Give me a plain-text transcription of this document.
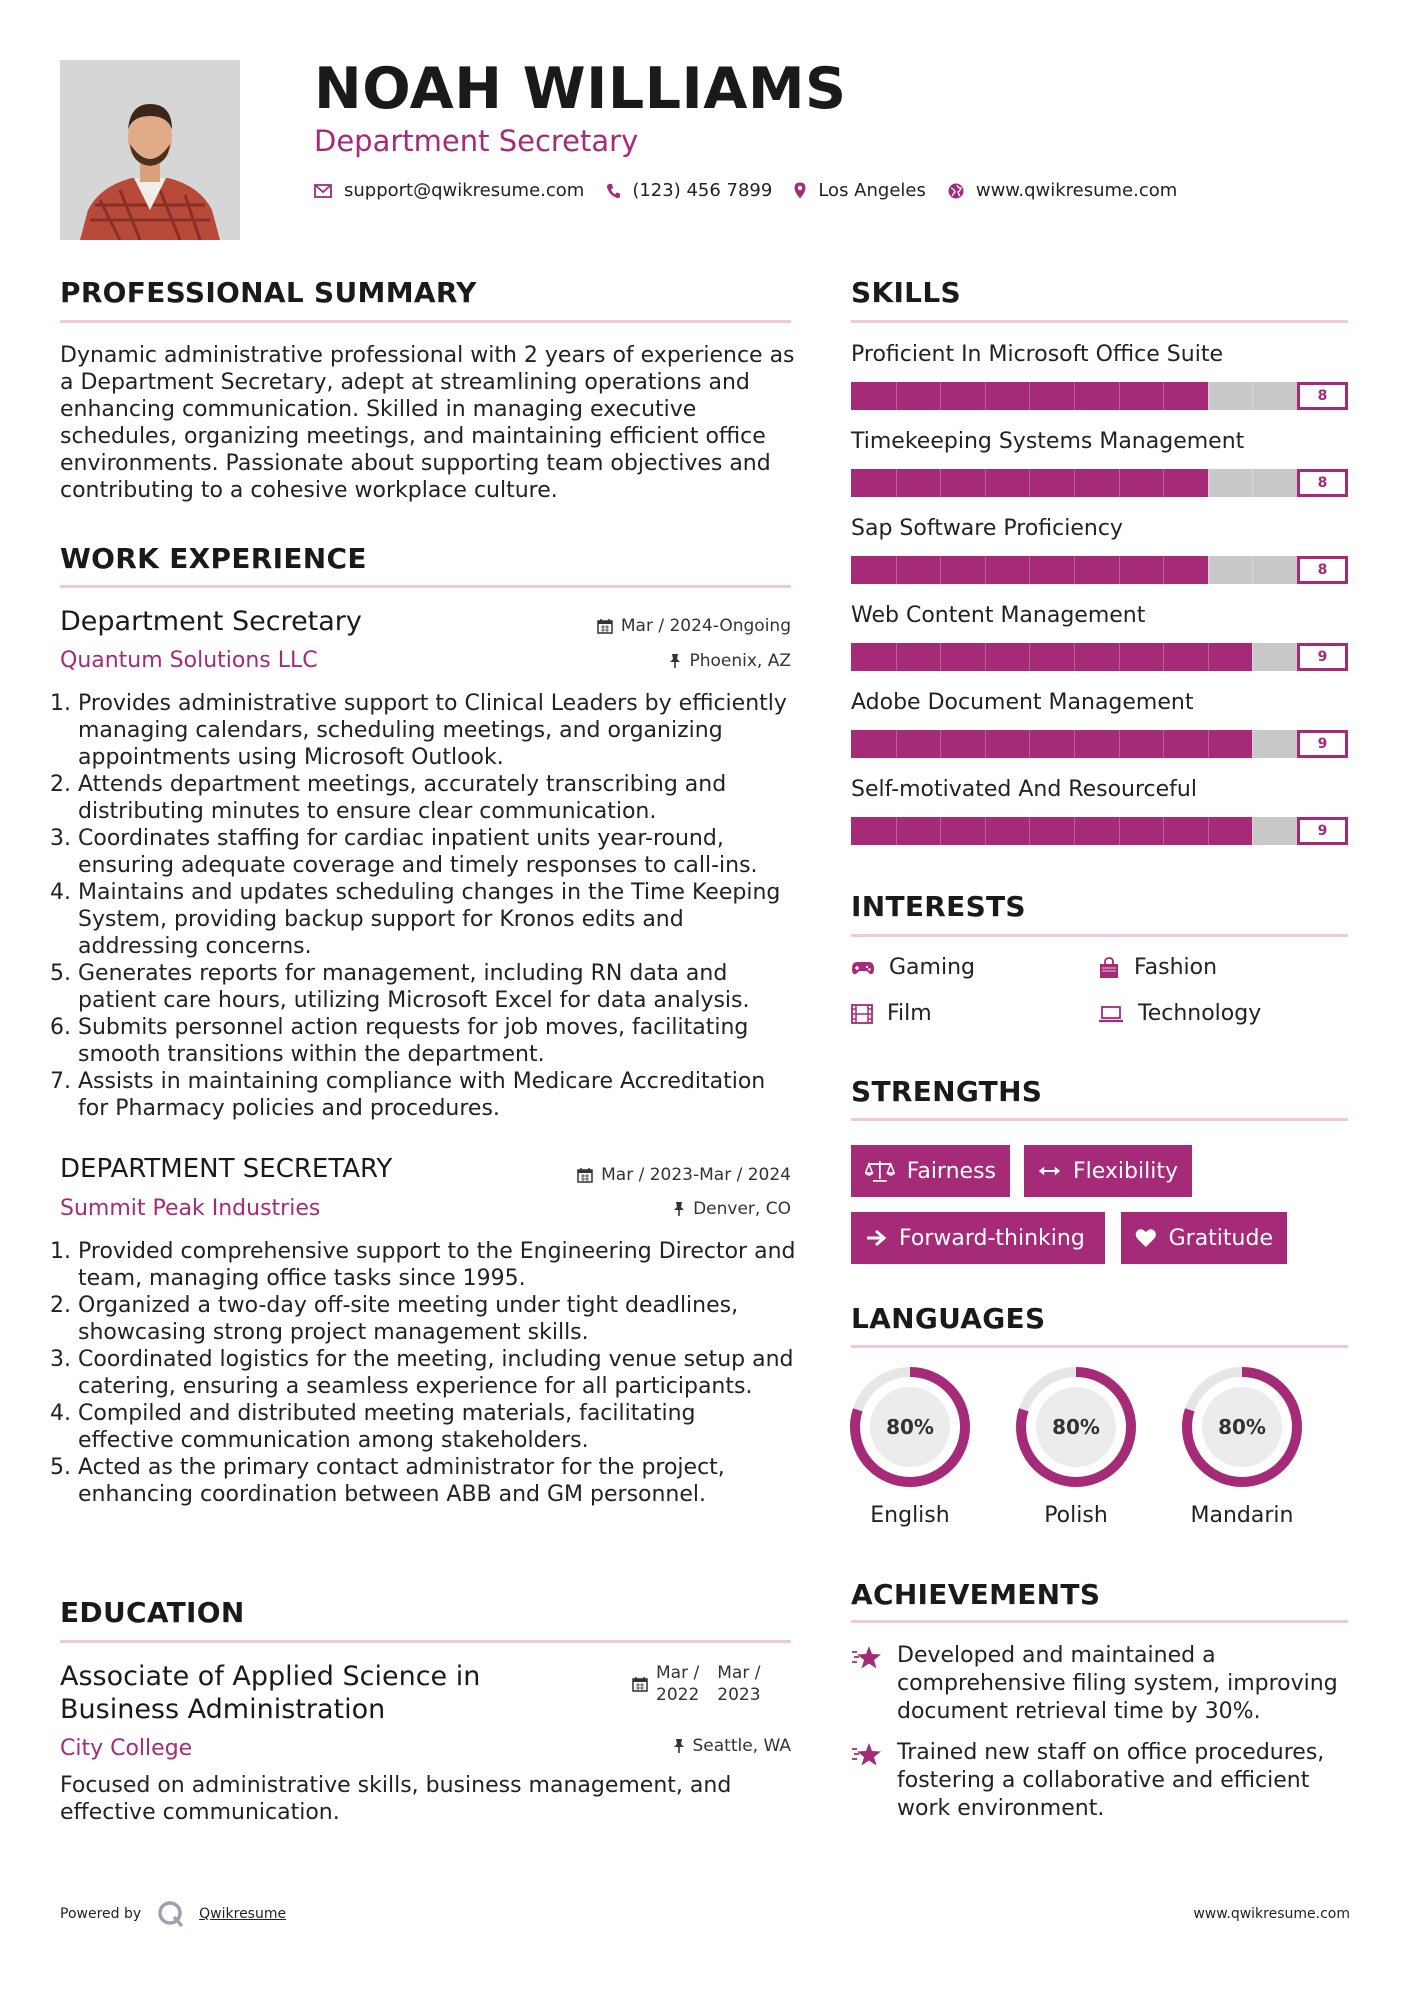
NOAH WILLIAMS
Department Secretary
support@qwikresume.com	(123) 456 7899	Los Angeles	www.qwikresume.com
PROFESSIONAL SUMMARY
Dynamic administrative professional with 2 years of experience as a Department Secretary, adept at streamlining operations and enhancing communication. Skilled in managing executive schedules, organizing meetings, and maintaining efficient office environments. Passionate about supporting team objectives and contributing to a cohesive workplace culture.
WORK EXPERIENCE
Department Secretary	Mar / 2024-Ongoing
Quantum Solutions LLC	Phoenix, AZ
1. Provides administrative support to Clinical Leaders by efficiently managing calendars, scheduling meetings, and organizing appointments using Microsoft Outlook.
2. Attends department meetings, accurately transcribing and distributing minutes to ensure clear communication.
3. Coordinates staffing for cardiac inpatient units year-round, ensuring adequate coverage and timely responses to call-ins.
4. Maintains and updates scheduling changes in the Time Keeping System, providing backup support for Kronos edits and addressing concerns.
5. Generates reports for management, including RN data and patient care hours, utilizing Microsoft Excel for data analysis.
6. Submits personnel action requests for job moves, facilitating smooth transitions within the department.
7. Assists in maintaining compliance with Medicare Accreditation for Pharmacy policies and procedures.
DEPARTMENT SECRETARY	Mar / 2023-Mar / 2024
Summit Peak Industries	Denver, CO
1. Provided comprehensive support to the Engineering Director and team, managing office tasks since 1995.
2. Organized a two-day off-site meeting under tight deadlines, showcasing strong project management skills.
3. Coordinated logistics for the meeting, including venue setup and catering, ensuring a seamless experience for all participants.
4. Compiled and distributed meeting materials, facilitating effective communication among stakeholders.
5. Acted as the primary contact administrator for the project, enhancing coordination between ABB and GM personnel.
EDUCATION
Associate of Applied Science in
Business Administration
Mar /
2022
Mar /
2023
City College	Seattle, WA
Focused on administrative skills, business management, and effective communication.
SKILLS
Proficient In Microsoft Office Suite
8
Timekeeping Systems Management
8
Sap Software Proficiency
8
Web Content Management
9
Adobe Document Management
9
Self-motivated And Resourceful
9
INTERESTS
Gaming	Fashion
Film	Technology
STRENGTHS
Fairness	Flexibility
Forward-thinking	Gratitude
LANGUAGES
80%
English
80%
Polish
80%
Mandarin
ACHIEVEMENTS
Developed and maintained a comprehensive filing system, improving document retrieval time by 30%.
Trained new staff on office procedures, fostering a collaborative and efficient work environment.
Powered by	Qwikresume	www.qwikresume.com
